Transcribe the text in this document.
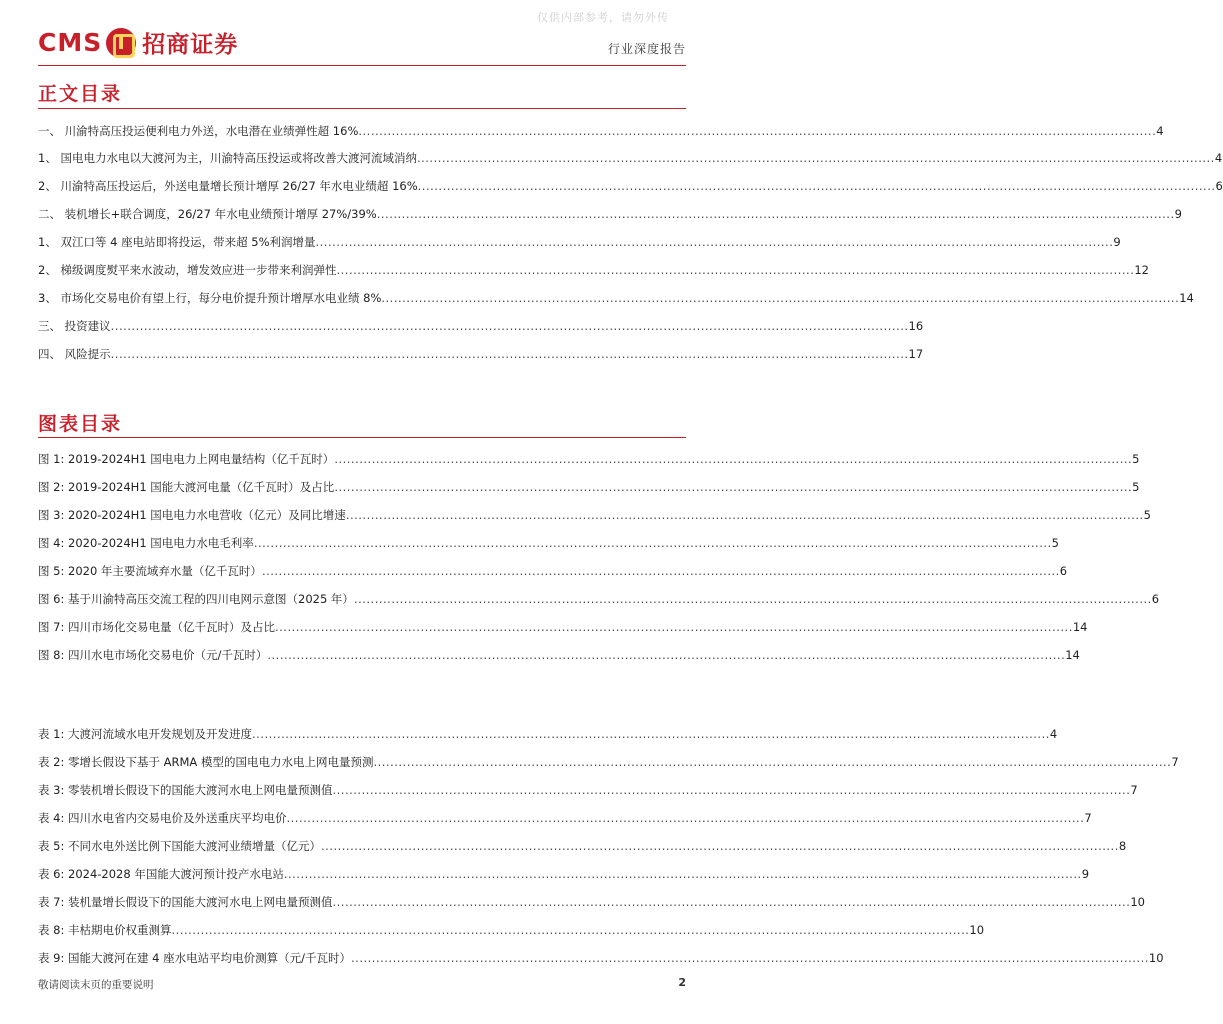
仅供内部参考，请勿外传
CMS 招商证券	行业深度报告
正文目录
一、 川渝特高压投运便利电力外送，水电潜在业绩弹性超 16% .....	4
1、 国电电力水电以大渡河为主，川渝特高压投运或将改善大渡河流域消纳 .....	4
2、 川渝特高压投运后，外送电量增长预计增厚 26/27 年水电业绩超 16% .....	6
二、 装机增长+联合调度，26/27 年水电业绩预计增厚 27%/39% .....	9
1、 双江口等 4 座电站即将投运，带来超 5%利润增量 .....	9
2、 梯级调度熨平来水波动，增发效应进一步带来利润弹性 .....	12
3、 市场化交易电价有望上行，每分电价提升预计增厚水电业绩 8% .....	14
三、 投资建议 .....	16
四、 风险提示 .....	17
图表目录
图 1: 2019-2024H1 国电电力上网电量结构（亿千瓦时） .....	5
图 2: 2019-2024H1 国能大渡河电量（亿千瓦时）及占比 .....	5
图 3: 2020-2024H1 国电电力水电营收（亿元）及同比增速 .....	5
图 4: 2020-2024H1 国电电力水电毛利率 .....	5
图 5: 2020 年主要流域弃水量（亿千瓦时） .....	6
图 6: 基于川渝特高压交流工程的四川电网示意图（2025 年） .....	6
图 7: 四川市场化交易电量（亿千瓦时）及占比 .....	14
图 8: 四川水电市场化交易电价（元/千瓦时） .....	14
表 1: 大渡河流域水电开发规划及开发进度 .....	4
表 2: 零增长假设下基于 ARMA 模型的国电电力水电上网电量预测 .....	7
表 3: 零装机增长假设下的国能大渡河水电上网电量预测值 .....	7
表 4: 四川水电省内交易电价及外送重庆平均电价 .....	7
表 5: 不同水电外送比例下国能大渡河业绩增量（亿元） .....	8
表 6: 2024-2028 年国能大渡河预计投产水电站 .....	9
表 7: 装机量增长假设下的国能大渡河水电上网电量预测值 .....	10
表 8: 丰枯期电价权重测算 .....	10
表 9: 国能大渡河在建 4 座水电站平均电价测算（元/千瓦时） .....	10
敬请阅读末页的重要说明	2
